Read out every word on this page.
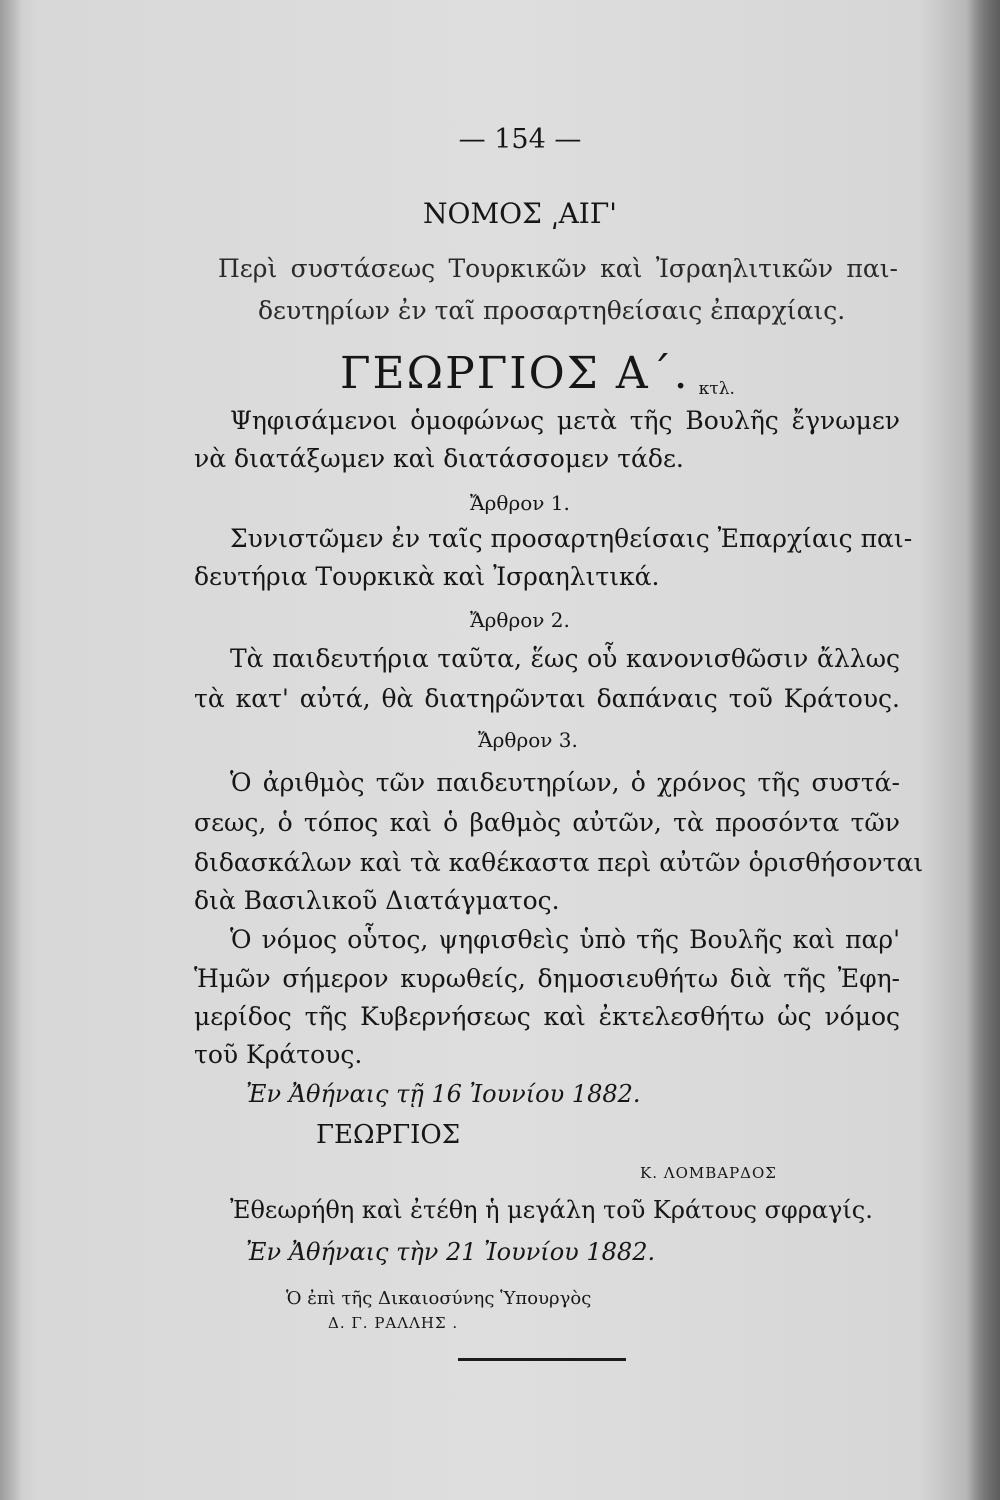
— 154 —

ΝΟΜΟΣ ͵ΑΙΓ'

Περὶ συστάσεως Τουρκικῶν καὶ Ἰσραηλιτικῶν παι-

δευτηρίων ἐν ταῖ προσαρτηθείσαις ἐπαρχίαις.

ΓΕΩΡΓΙΟΣ Α΄. κτλ.

Ψηφισάμενοι ὁμοφώνως μετὰ τῆς Βουλῆς ἔγνωμεν

νὰ διατάξωμεν καὶ διατάσσομεν τάδε.

Ἄρθρον 1.

Συνιστῶμεν ἐν ταῖς προσαρτηθείσαις Ἐπαρχίαις παι-

δευτήρια Τουρκικὰ καὶ Ἰσραηλιτικά.

Ἄρθρον 2.

Τὰ παιδευτήρια ταῦτα, ἕως οὗ κανονισθῶσιν ἄλλως

τὰ κατ' αὐτά, θὰ διατηρῶνται δαπάναις τοῦ Κράτους.

Ἄρθρον 3.

Ὁ ἀριθμὸς τῶν παιδευτηρίων, ὁ χρόνος τῆς συστά-

σεως, ὁ τόπος καὶ ὁ βαθμὸς αὐτῶν, τὰ προσόντα τῶν

διδασκάλων καὶ τὰ καθέκαστα περὶ αὐτῶν ὁρισθήσονται

διὰ Βασιλικοῦ Διατάγματος.

Ὁ νόμος οὗτος, ψηφισθεὶς ὑπὸ τῆς Βουλῆς καὶ παρ'

Ἡμῶν σήμερον κυρωθείς, δημοσιευθήτω διὰ τῆς Ἐφη-

μερίδος τῆς Κυβερνήσεως καὶ ἐκτελεσθήτω ὡς νόμος

τοῦ Κράτους.

Ἐν Ἀθήναις τῇ 16 Ἰουνίου 1882.

ΓΕΩΡΓΙΟΣ

Κ. ΛΟΜΒΑΡΔΟΣ

Ἐθεωρήθη καὶ ἐτέθη ἡ μεγάλη τοῦ Κράτους σφραγίς.

Ἐν Ἀθήναις τὴν 21 Ἰουνίου 1882.

Ὁ ἐπὶ τῆς Δικαιοσύνης Ὑπουργὸς

Δ. Γ. ΡΑΛΛΗΣ .
